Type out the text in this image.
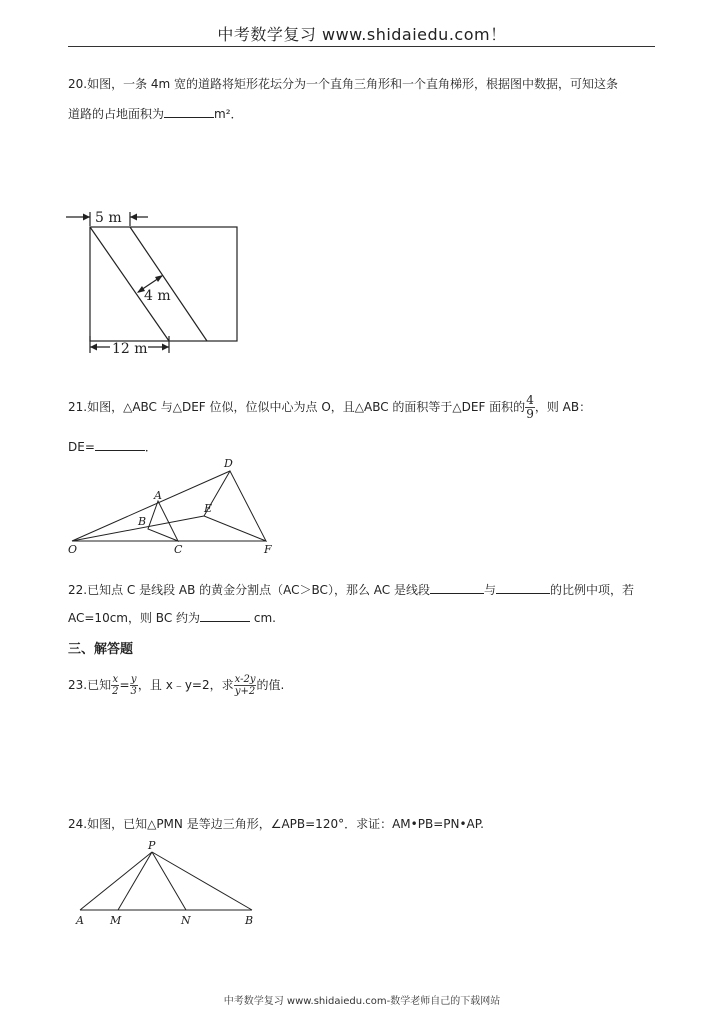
中考数学复习 www.shidaiedu.com！
20.如图，一条 4m 宽的道路将矩形花坛分为一个直角三角形和一个直角梯形，根据图中数据，可知这条
道路的占地面积为	m²．
5 m
4 m
12 m
21.如图，△ABC 与△DEF 位似，位似中心为点 O，且△ABC 的面积等于△DEF 面积的 $\frac{4}{9}$ ，则 AB：
DE=	．
D
A
E
B
O	C	F
22.已知点 C 是线段 AB 的黄金分割点（AC＞BC），那么 AC 是线段	与	的比例中项，若
AC=10cm，则 BC 约为	cm.
三、解答题
23.已知 $\frac{x}{2} = \frac{y}{3}$ ，且 x﹣y=2，求 $\frac{x-2y}{y+2}$ 的值.
24.如图，已知△PMN 是等边三角形，∠APB=120°．求证：AM•PB=PN•AP.
P
A M	N	B
中考数学复习 www.shidaiedu.com-数学老师自己的下载网站
